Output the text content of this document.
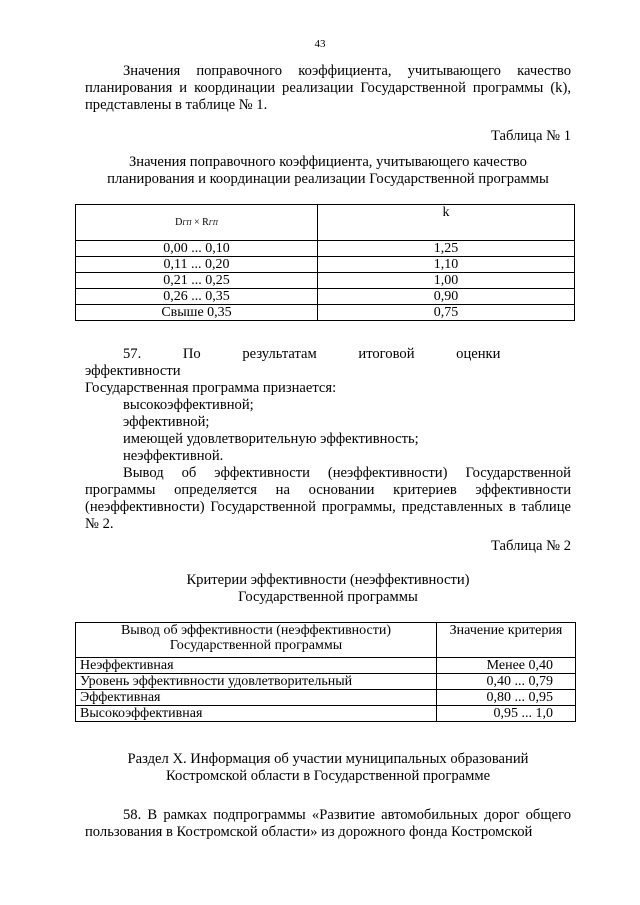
43
Значения поправочного коэффициента, учитывающего качество планирования и координации реализации Государственной программы (k), представлены в таблице № 1.
Таблица № 1
Значения поправочного коэффициента, учитывающего качество
планирования и координации реализации Государственной программы
DГП × RГП	k
0,00 ... 0,10	1,25
0,11 ... 0,20	1,10
0,21 ... 0,25	1,00
0,26 ... 0,35	0,90
Свыше 0,35	0,75
57. По результатам итоговой оценки эффективности
Государственная программа признается:
высокоэффективной;
эффективной;
имеющей удовлетворительную эффективность;
неэффективной.
Вывод об эффективности (неэффективности) Государственной программы определяется на основании критериев эффективности (неэффективности) Государственной программы, представленных в таблице № 2.
Таблица № 2
Критерии эффективности (неэффективности)
Государственной программы
Вывод об эффективности (неэффективности) Государственной программы	Значение критерия
Неэффективная	Менее 0,40
Уровень эффективности удовлетворительный	0,40 ... 0,79
Эффективная	0,80 ... 0,95
Высокоэффективная	0,95 ... 1,0
Раздел X. Информация об участии муниципальных образований
Костромской области в Государственной программе
58. В рамках подпрограммы «Развитие автомобильных дорог общего пользования в Костромской области» из дорожного фонда Костромской
